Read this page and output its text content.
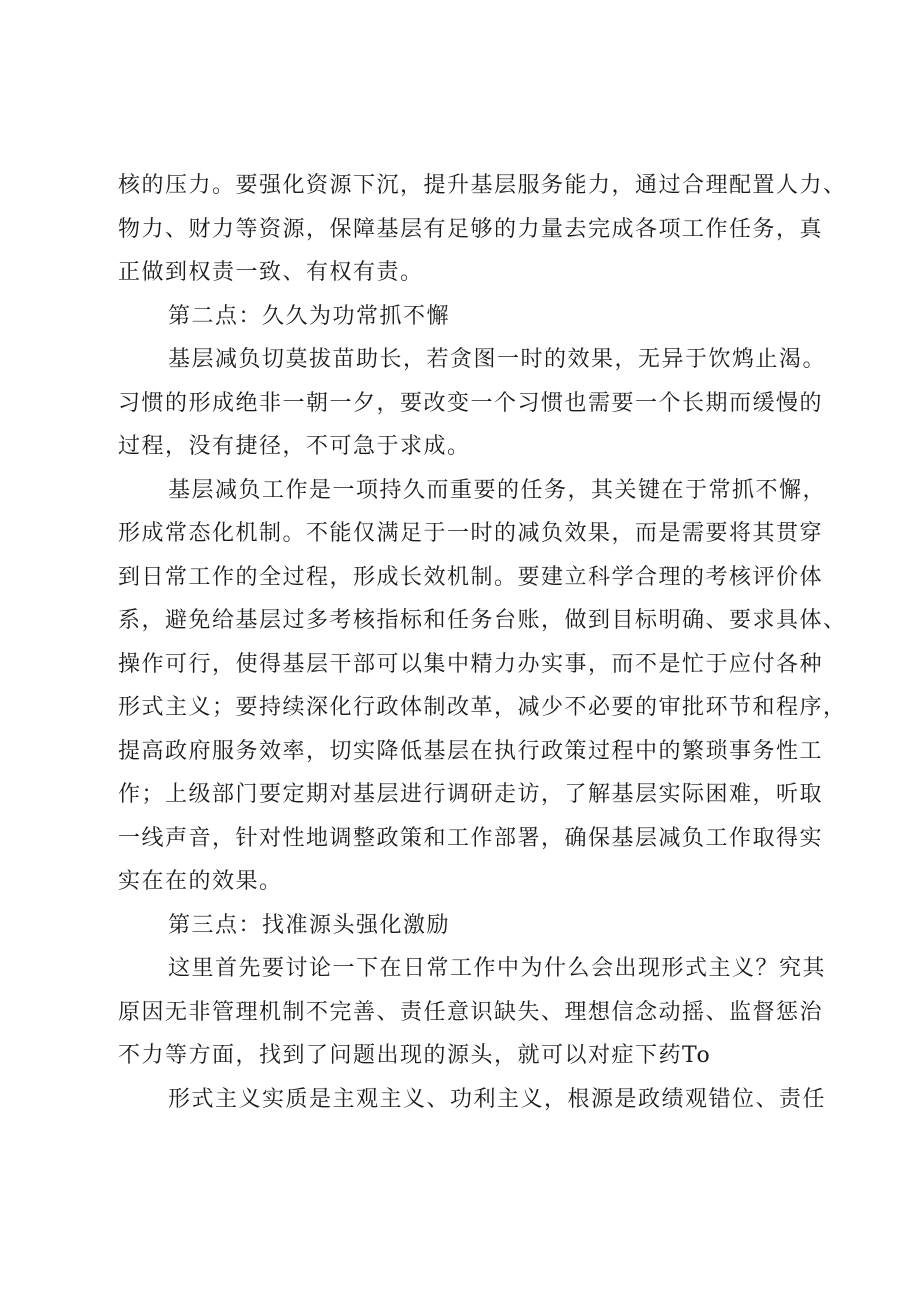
核的压力。要强化资源下沉，提升基层服务能力，通过合理配置人力、
物力、财力等资源，保障基层有足够的力量去完成各项工作任务，真
正做到权责一致、有权有责。
第二点：久久为功常抓不懈
基层减负切莫拔苗助长，若贪图一时的效果，无异于饮鸩止渴。
习惯的形成绝非一朝一夕，要改变一个习惯也需要一个长期而缓慢的
过程，没有捷径，不可急于求成。
基层减负工作是一项持久而重要的任务，其关键在于常抓不懈，
形成常态化机制。不能仅满足于一时的减负效果，而是需要将其贯穿
到日常工作的全过程，形成长效机制。要建立科学合理的考核评价体
系，避免给基层过多考核指标和任务台账，做到目标明确、要求具体、
操作可行，使得基层干部可以集中精力办实事，而不是忙于应付各种
形式主义；要持续深化行政体制改革，减少不必要的审批环节和程序，
提高政府服务效率，切实降低基层在执行政策过程中的繁琐事务性工
作；上级部门要定期对基层进行调研走访，了解基层实际困难，听取
一线声音，针对性地调整政策和工作部署，确保基层减负工作取得实
实在在的效果。
第三点：找准源头强化激励
这里首先要讨论一下在日常工作中为什么会出现形式主义？究其
原因无非管理机制不完善、责任意识缺失、理想信念动摇、监督惩治
不力等方面，找到了问题出现的源头，就可以对症下药To
形式主义实质是主观主义、功利主义，根源是政绩观错位、责任
